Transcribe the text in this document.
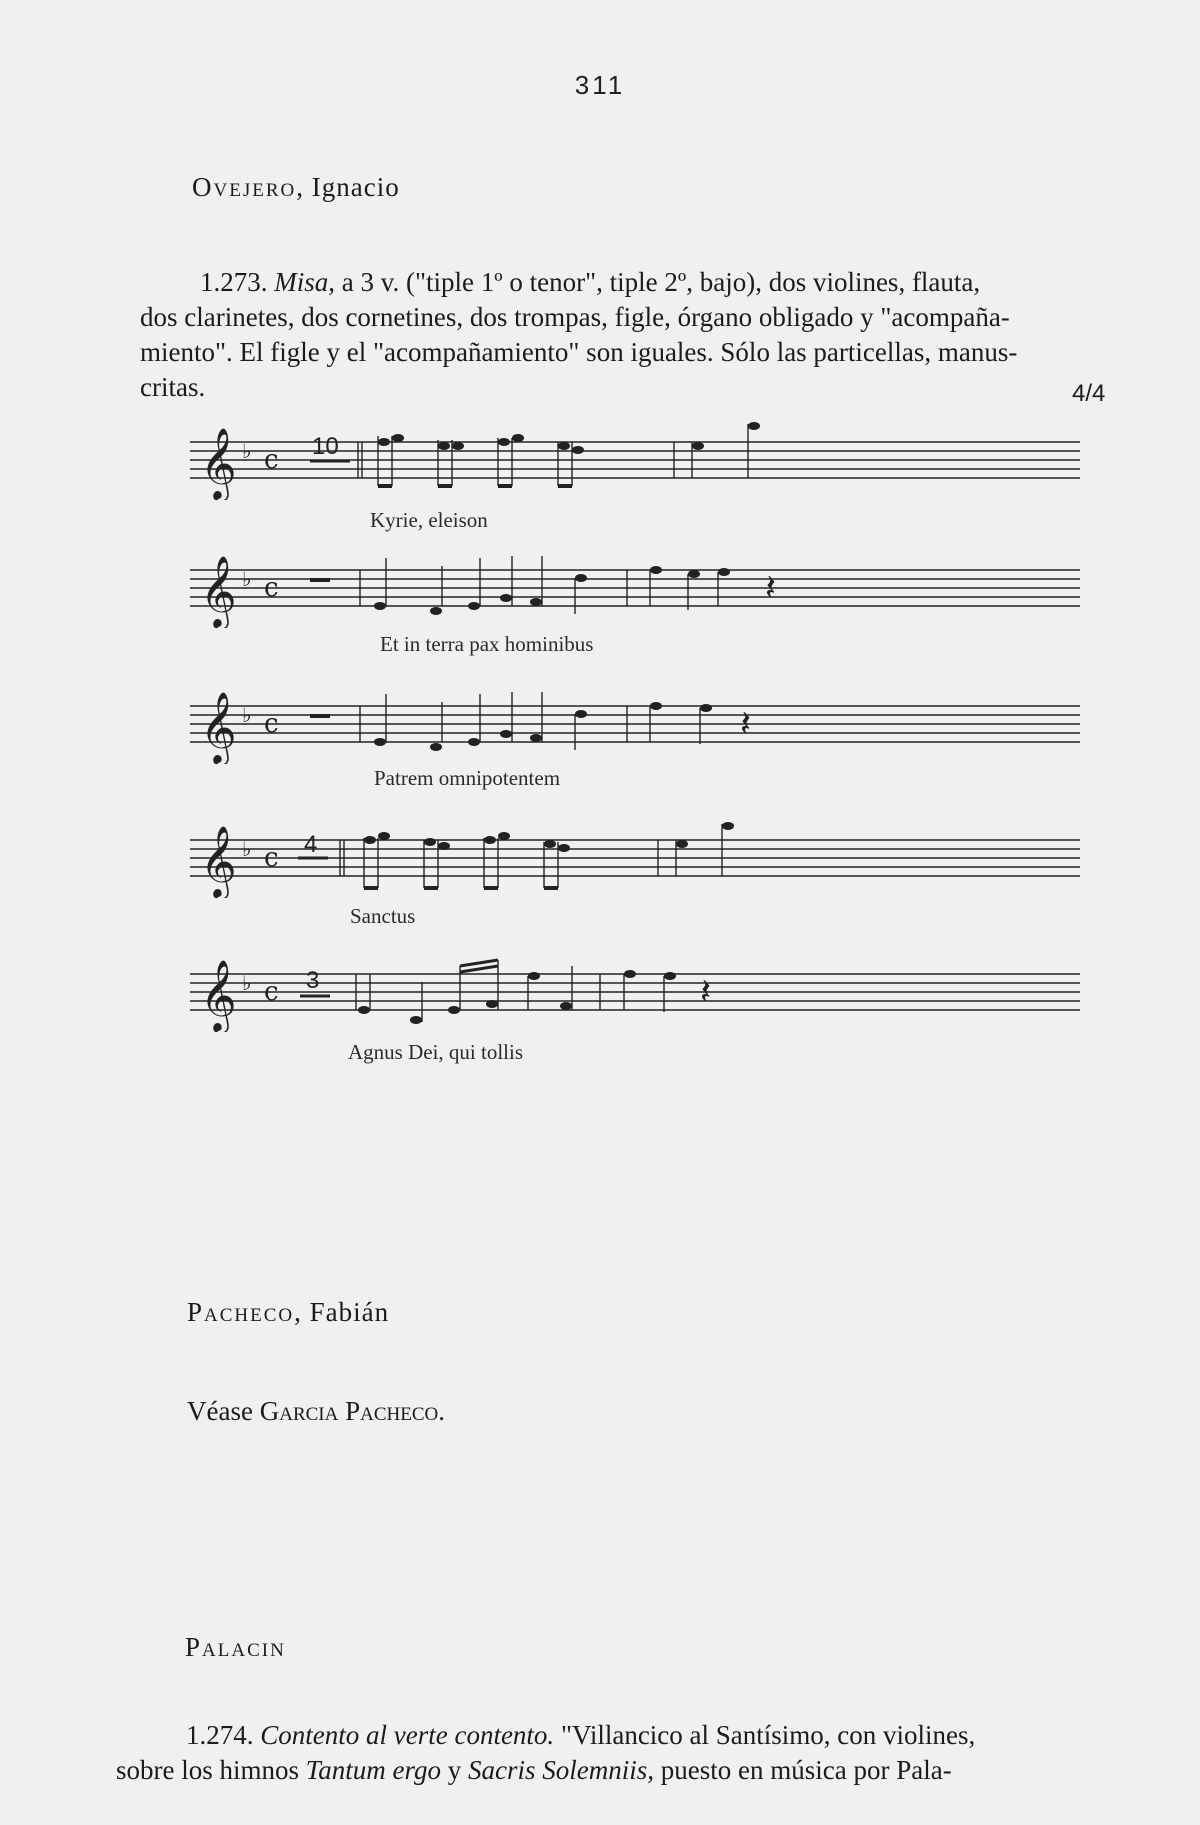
311
Ovejero, Ignacio
1.273. Misa, a 3 v. ("tiple 1º o tenor", tiple 2º, bajo), dos violines, flauta,
dos clarinetes, dos cornetines, dos trompas, figle, órgano obligado y "acompaña-
miento". El figle y el "acompañamiento" son iguales. Sólo las particellas, manus-
critas.	4/4
𝄞 ♭ c 10
Kyrie, eleison
𝄽
𝄞 ♭ c
Et in terra pax hominibus
𝄽
𝄞 ♭ c
Patrem omnipotentem
𝄞 ♭ c 4
Sanctus
𝄽
𝄞 ♭ c 3
Agnus Dei, qui tollis
Pacheco, Fabián
Véase Garcia Pacheco.
Palacin
1.274. Contento al verte contento. "Villancico al Santísimo, con violines,
sobre los himnos Tantum ergo y Sacris Solemniis, puesto en música por Pala-
